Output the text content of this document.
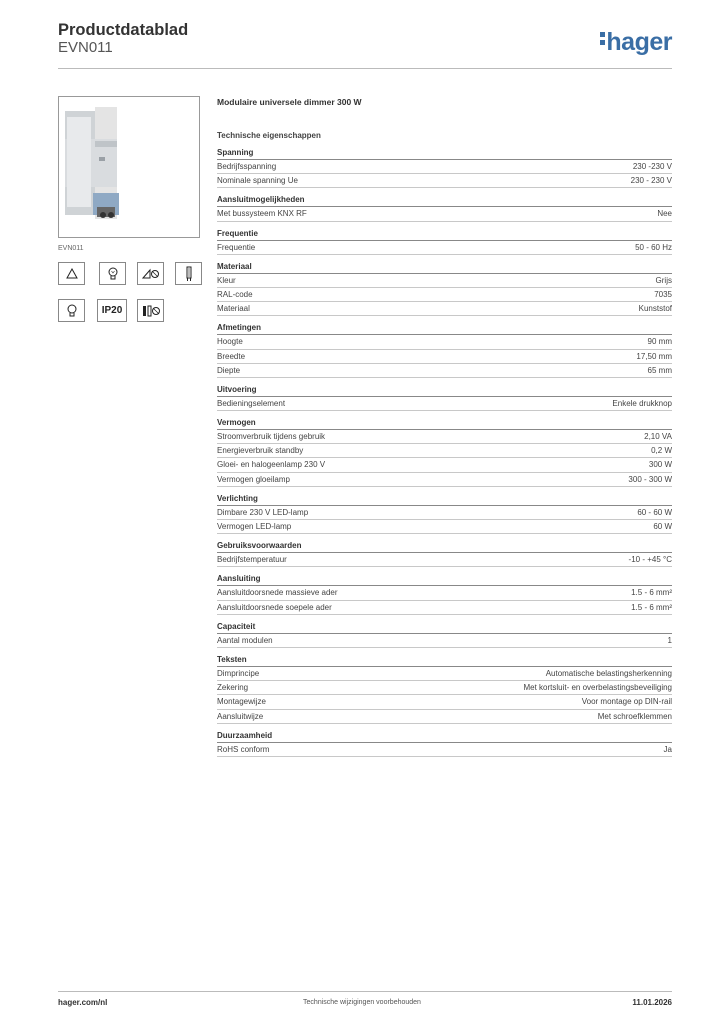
Productdatablad
EVN011	hager
EVN011
IP20
Modulaire universele dimmer 300 W
Technische eigenschappen
Spanning
Bedrijfsspanning	230 -230 V
Nominale spanning Ue	230 - 230 V
Aansluitmogelijkheden
Met bussysteem KNX RF	Nee
Frequentie
Frequentie	50 - 60 Hz
Materiaal
Kleur	Grijs
RAL-code	7035
Materiaal	Kunststof
Afmetingen
Hoogte	90 mm
Breedte	17,50 mm
Diepte	65 mm
Uitvoering
Bedieningselement	Enkele drukknop
Vermogen
Stroomverbruik tijdens gebruik	2,10 VA
Energieverbruik standby	0,2 W
Gloei- en halogeenlamp 230 V	300 W
Vermogen gloeilamp	300 - 300 W
Verlichting
Dimbare 230 V LED-lamp	60 - 60 W
Vermogen LED-lamp	60 W
Gebruiksvoorwaarden
Bedrijfstemperatuur	-10 - +45 °C
Aansluiting
Aansluitdoorsnede massieve ader	1.5 - 6 mm²
Aansluitdoorsnede soepele ader	1.5 - 6 mm²
Capaciteit
Aantal modulen	1
Teksten
Dimprincipe	Automatische belastingsherkenning
Zekering	Met kortsluit- en overbelastingsbeveiliging
Montagewijze	Voor montage op DIN-rail
Aansluitwijze	Met schroefklemmen
Duurzaamheid
RoHS conform	Ja
hager.com/nl	Technische wijzigingen voorbehouden	11.01.2026
